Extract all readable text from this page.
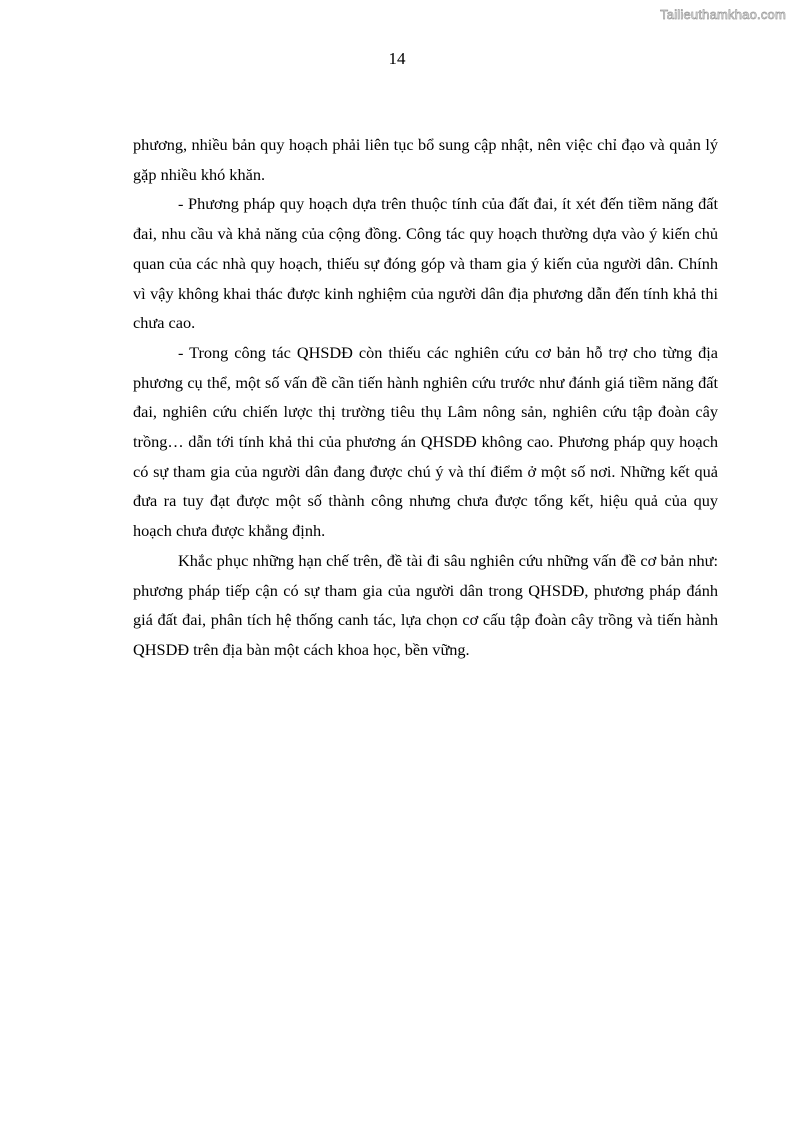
Tailieuthamkhao.com
14

phương, nhiều bản quy hoạch phải liên tục bổ sung cập nhật, nên việc chỉ đạo và quản lý gặp nhiều khó khăn.

- Phương pháp quy hoạch dựa trên thuộc tính của đất đai, ít xét đến tiềm năng đất đai, nhu cầu và khả năng của cộng đồng. Công tác quy hoạch thường dựa vào ý kiến chủ quan của các nhà quy hoạch, thiếu sự đóng góp và tham gia ý kiến của người dân. Chính vì vậy không khai thác được kinh nghiệm của người dân địa phương dẫn đến tính khả thi chưa cao.

- Trong công tác QHSDĐ còn thiếu các nghiên cứu cơ bản hỗ trợ cho từng địa phương cụ thể, một số vấn đề cần tiến hành nghiên cứu trước như đánh giá tiềm năng đất đai, nghiên cứu chiến lược thị trường tiêu thụ Lâm nông sản, nghiên cứu tập đoàn cây trồng… dẫn tới tính khả thi của phương án QHSDĐ không cao. Phương pháp quy hoạch có sự tham gia của người dân đang được chú ý và thí điểm ở một số nơi. Những kết quả đưa ra tuy đạt được một số thành công nhưng chưa được tổng kết, hiệu quả của quy hoạch chưa được khẳng định.

Khắc phục những hạn chế trên, đề tài đi sâu nghiên cứu những vấn đề cơ bản như: phương pháp tiếp cận có sự tham gia của người dân trong QHSDĐ, phương pháp đánh giá đất đai, phân tích hệ thống canh tác, lựa chọn cơ cấu tập đoàn cây trồng và tiến hành QHSDĐ trên địa bàn một cách khoa học, bền vững.
